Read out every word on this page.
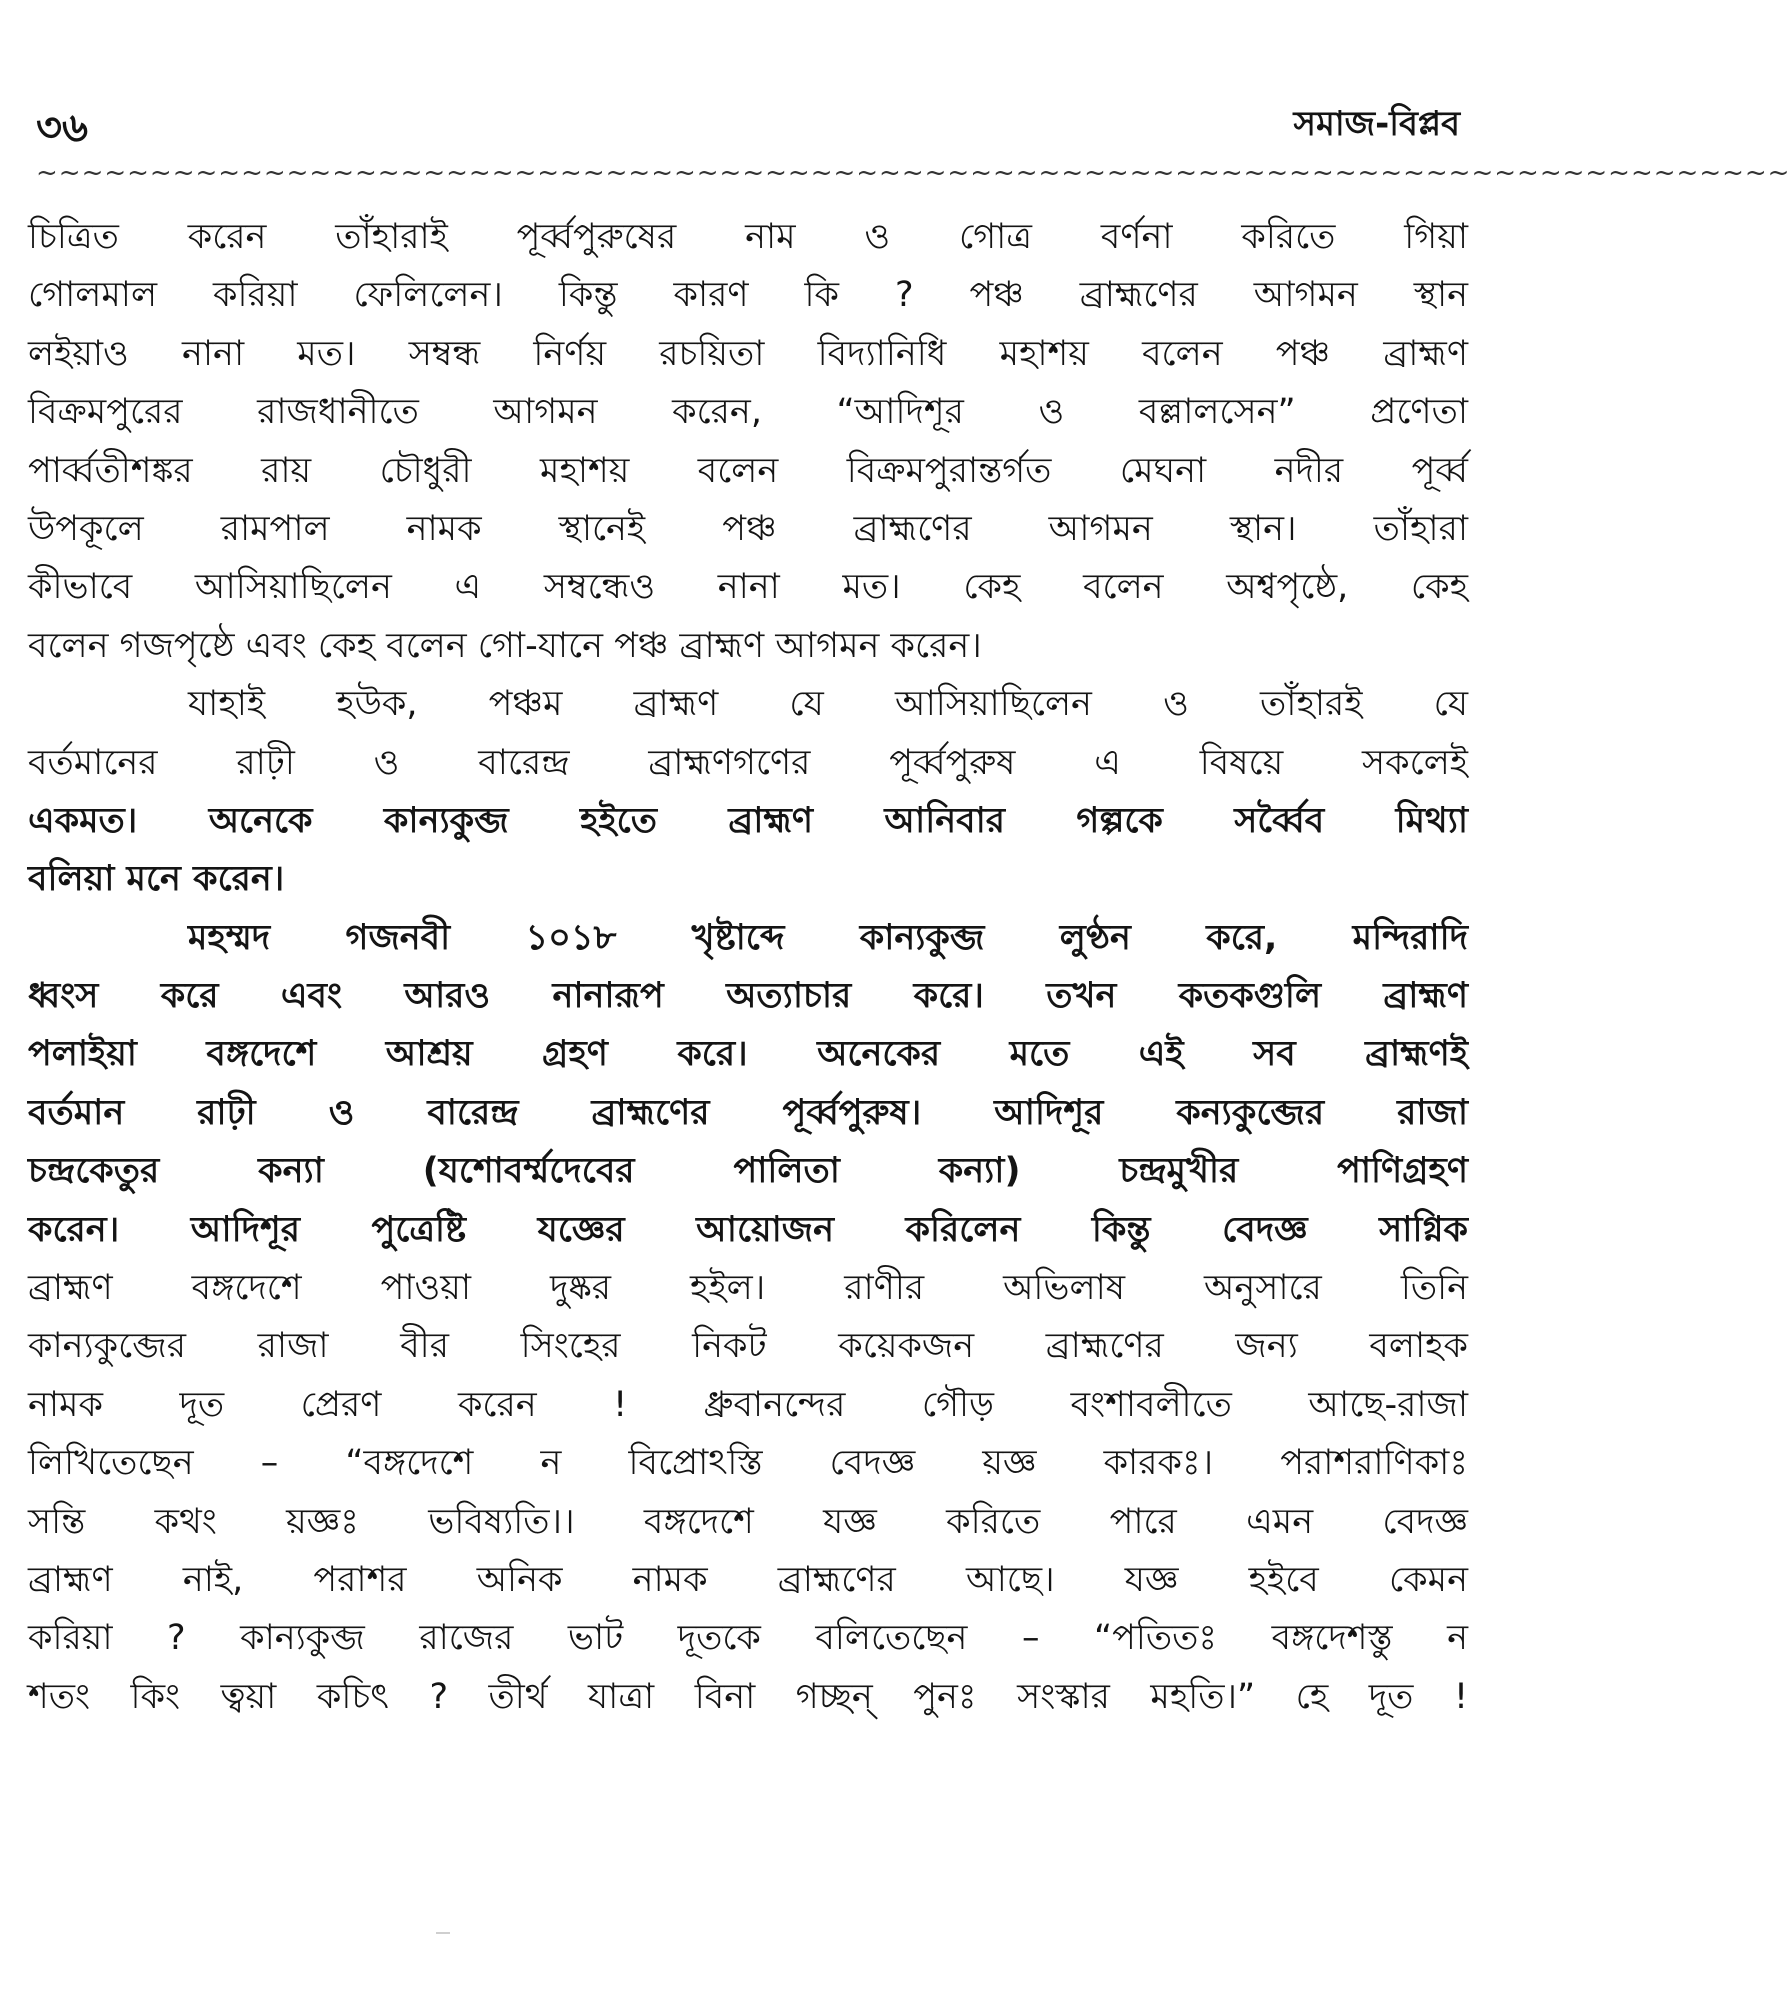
৩৬	সমাজ-বিপ্লব
~~~~~~~~~~~~~~~~~~~~~~~~~~~~~~~~~~~~~~~~~~~~~~~~~~~~~~~~~~~~~~~~~~~~~~~~~~~~~
চিত্রিত করেন তাঁহারাই পূর্ব্বপুরুষের নাম ও গোত্র বর্ণনা করিতে গিয়া
গোলমাল করিয়া ফেলিলেন। কিন্তু কারণ কি ? পঞ্চ ব্রাহ্মণের আগমন স্থান
লইয়াও নানা মত। সম্বন্ধ নির্ণয় রচয়িতা বিদ্যানিধি মহাশয় বলেন পঞ্চ ব্রাহ্মণ
বিক্রমপুরের রাজধানীতে আগমন করেন, “আদিশূর ও বল্লালসেন” প্রণেতা
পার্ব্বতীশঙ্কর রায় চৌধুরী মহাশয় বলেন বিক্রমপুরান্তর্গত মেঘনা নদীর পূর্ব্ব
উপকূলে রামপাল নামক স্থানেই পঞ্চ ব্রাহ্মণের আগমন স্থান। তাঁহারা
কীভাবে আসিয়াছিলেন এ সম্বন্ধেও নানা মত। কেহ বলেন অশ্বপৃষ্ঠে, কেহ
বলেন গজপৃষ্ঠে এবং কেহ বলেন গো-যানে পঞ্চ ব্রাহ্মণ আগমন করেন।
যাহাই হউক, পঞ্চম ব্রাহ্মণ যে আসিয়াছিলেন ও তাঁহারই যে
বর্তমানের রাঢ়ী ও বারেন্দ্র ব্রাহ্মণগণের পূর্ব্বপুরুষ এ বিষয়ে সকলেই
একমত। অনেকে কান্যকুব্জ হইতে ব্রাহ্মণ আনিবার গল্পকে সর্ব্বৈব মিথ্যা
বলিয়া মনে করেন।
মহম্মদ গজনবী ১০১৮ খৃষ্টাব্দে কান্যকুব্জ লুণ্ঠন করে, মন্দিরাদি
ধ্বংস করে এবং আরও নানারূপ অত্যাচার করে। তখন কতকগুলি ব্রাহ্মণ
পলাইয়া বঙ্গদেশে আশ্রয় গ্রহণ করে। অনেকের মতে এই সব ব্রাহ্মণই
বর্তমান রাঢ়ী ও বারেন্দ্র ব্রাহ্মণের পূর্ব্বপুরুষ। আদিশূর কন্যকুব্জের রাজা
চন্দ্রকেতুর কন্যা (যশোবর্ম্মদেবের পালিতা কন্যা) চন্দ্রমুখীর পাণিগ্রহণ
করেন। আদিশূর পুত্রেষ্টি যজ্ঞের আয়োজন করিলেন কিন্তু বেদজ্ঞ সাগ্নিক
ব্রাহ্মণ বঙ্গদেশে পাওয়া দুষ্কর হইল। রাণীর অভিলাষ অনুসারে তিনি
কান্যকুব্জের রাজা বীর সিংহের নিকট কয়েকজন ব্রাহ্মণের জন্য বলাহক
নামক দূত প্রেরণ করেন ! ধ্রুবানন্দের গৌড় বংশাবলীতে আছে-রাজা
লিখিতেছেন – “বঙ্গদেশে ন বিপ্রোঽস্তি বেদজ্ঞ য়জ্ঞ কারকঃ। পরাশরাণিকাঃ
সন্তি কথং য়জ্ঞঃ ভবিষ্যতি।। বঙ্গদেশে যজ্ঞ করিতে পারে এমন বেদজ্ঞ
ব্রাহ্মণ নাই, পরাশর অনিক নামক ব্রাহ্মণের আছে। যজ্ঞ হইবে কেমন
করিয়া ? কান্যকুব্জ রাজের ভাট দূতকে বলিতেছেন – “পতিতঃ বঙ্গদেশস্তু ন
শতং কিং ত্বয়া কচিৎ ? তীর্থ যাত্রা বিনা গচ্ছন্ পুনঃ সংস্কার মহতি।” হে দূত !
